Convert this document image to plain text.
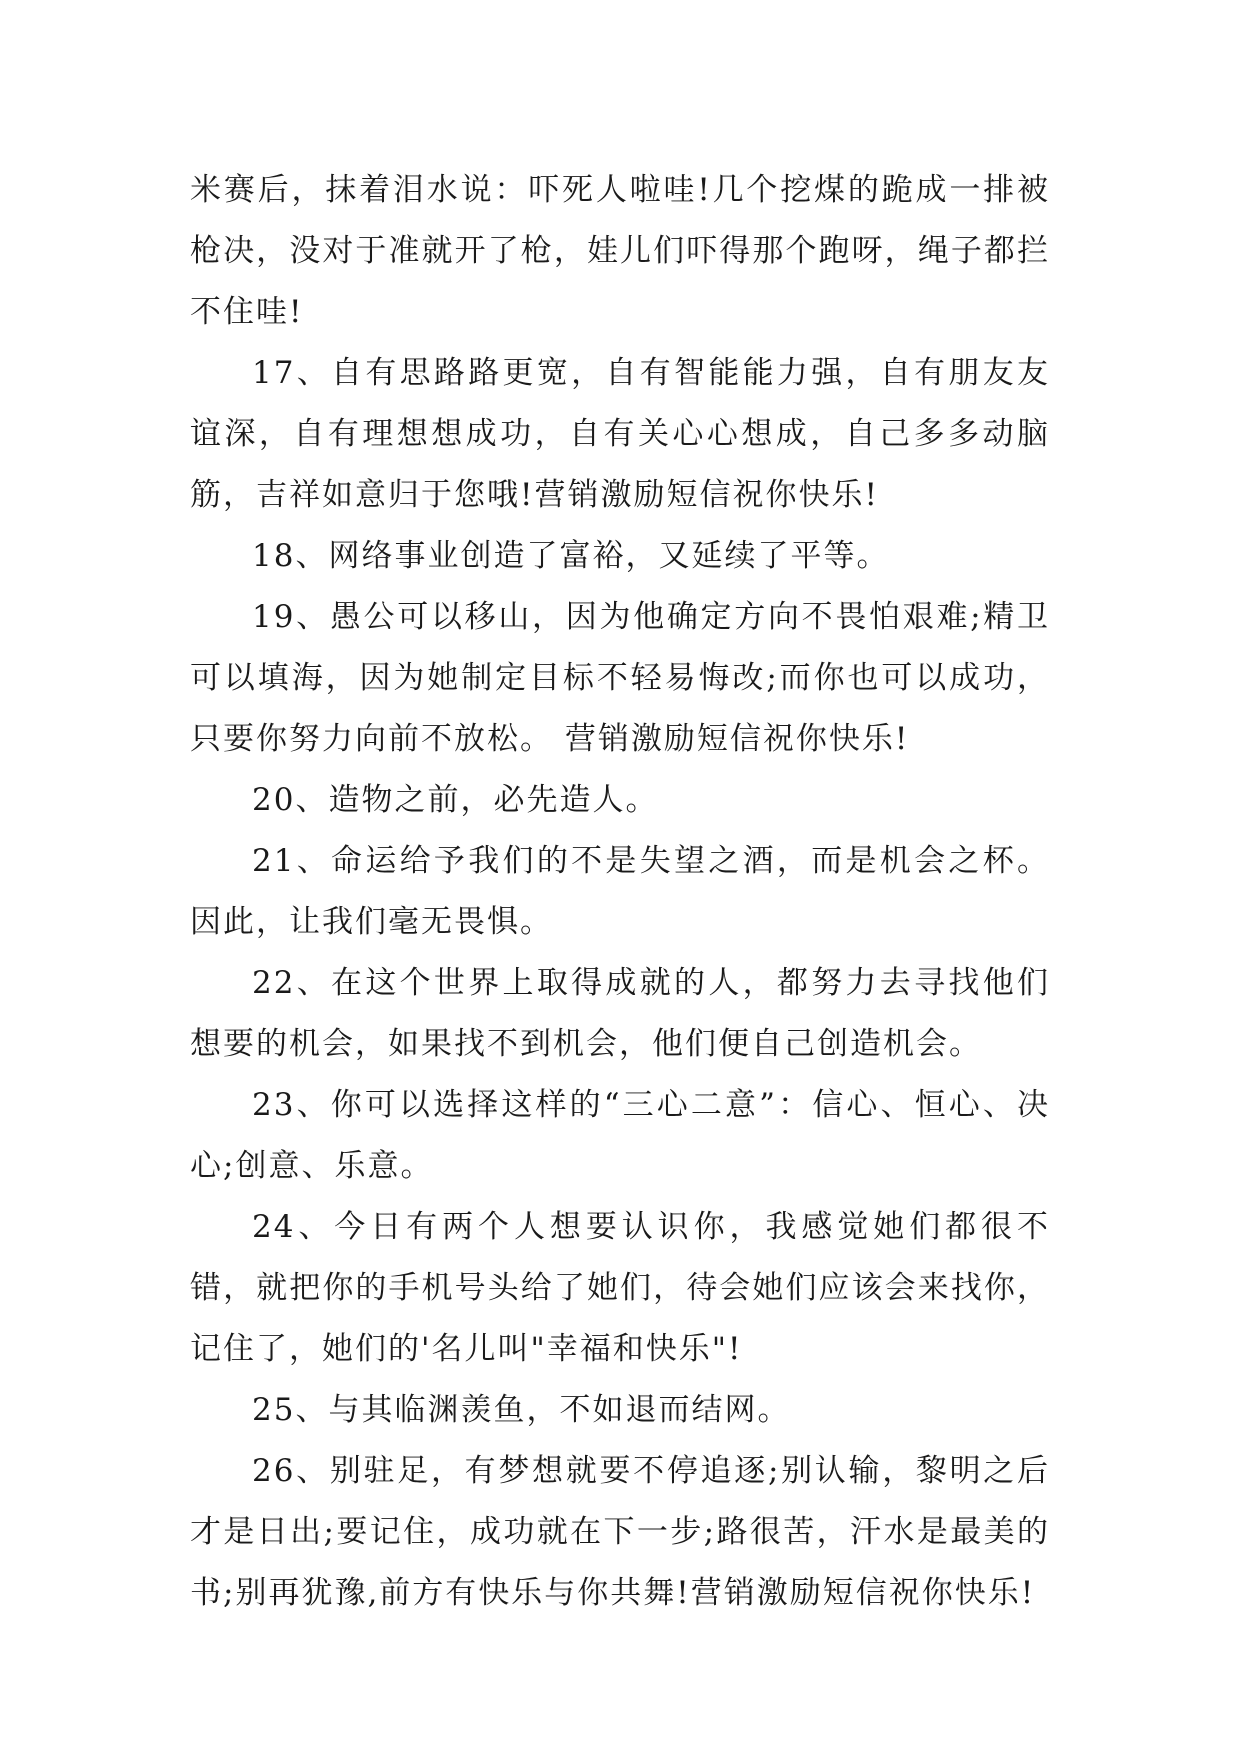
米赛后，抹着泪水说：吓死人啦哇!几个挖煤的跪成一排被枪决，没对于准就开了枪，娃儿们吓得那个跑呀，绳子都拦不住哇!

17、自有思路路更宽，自有智能能力强，自有朋友友谊深，自有理想想成功，自有关心心想成，自己多多动脑筋，吉祥如意归于您哦!营销激励短信祝你快乐!

18、网络事业创造了富裕，又延续了平等。

19、愚公可以移山，因为他确定方向不畏怕艰难;精卫可以填海，因为她制定目标不轻易悔改;而你也可以成功，只要你努力向前不放松。 营销激励短信祝你快乐!

20、造物之前，必先造人。

21、命运给予我们的不是失望之酒，而是机会之杯。因此，让我们毫无畏惧。

22、在这个世界上取得成就的人，都努力去寻找他们想要的机会，如果找不到机会，他们便自己创造机会。

23、你可以选择这样的“三心二意”：信心、恒心、决心;创意、乐意。

24、今日有两个人想要认识你，我感觉她们都很不错，就把你的手机号头给了她们，待会她们应该会来找你，记住了，她们的'名儿叫"幸福和快乐"!

25、与其临渊羡鱼，不如退而结网。

26、别驻足，有梦想就要不停追逐;别认输，黎明之后才是日出;要记住，成功就在下一步;路很苦，汗水是最美的书;别再犹豫,前方有快乐与你共舞!营销激励短信祝你快乐!
